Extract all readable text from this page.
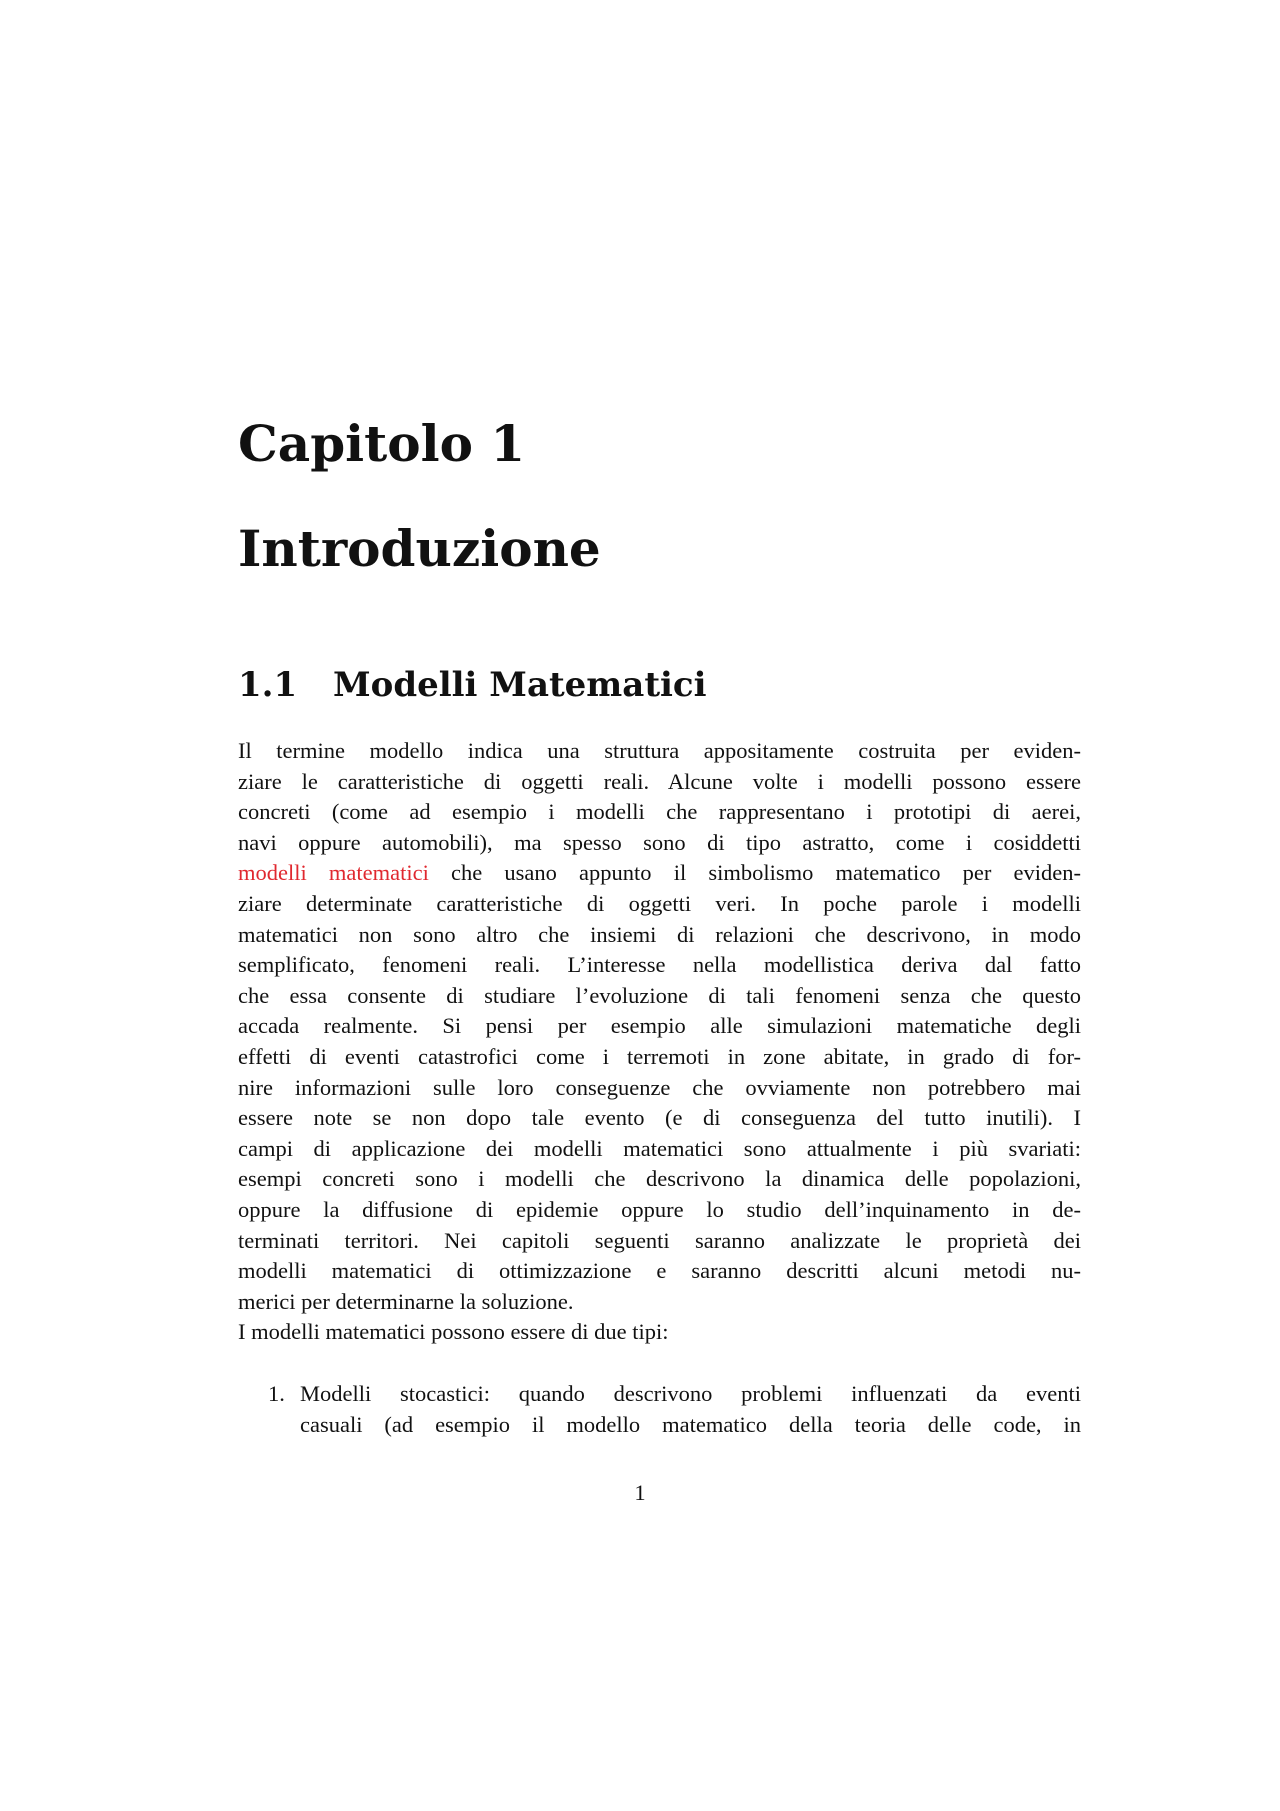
Capitolo 1
Introduzione
1.1 Modelli Matematici
Il termine modello indica una struttura appositamente costruita per eviden-
ziare le caratteristiche di oggetti reali. Alcune volte i modelli possono essere
concreti (come ad esempio i modelli che rappresentano i prototipi di aerei,
navi oppure automobili), ma spesso sono di tipo astratto, come i cosiddetti
modelli matematici che usano appunto il simbolismo matematico per eviden-
ziare determinate caratteristiche di oggetti veri. In poche parole i modelli
matematici non sono altro che insiemi di relazioni che descrivono, in modo
semplificato, fenomeni reali. L’interesse nella modellistica deriva dal fatto
che essa consente di studiare l’evoluzione di tali fenomeni senza che questo
accada realmente. Si pensi per esempio alle simulazioni matematiche degli
effetti di eventi catastrofici come i terremoti in zone abitate, in grado di for-
nire informazioni sulle loro conseguenze che ovviamente non potrebbero mai
essere note se non dopo tale evento (e di conseguenza del tutto inutili). I
campi di applicazione dei modelli matematici sono attualmente i più svariati:
esempi concreti sono i modelli che descrivono la dinamica delle popolazioni,
oppure la diffusione di epidemie oppure lo studio dell’inquinamento in de-
terminati territori. Nei capitoli seguenti saranno analizzate le proprietà dei
modelli matematici di ottimizzazione e saranno descritti alcuni metodi nu-
merici per determinarne la soluzione.
I modelli matematici possono essere di due tipi:
1. Modelli stocastici: quando descrivono problemi influenzati da eventi
casuali (ad esempio il modello matematico della teoria delle code, in

1
